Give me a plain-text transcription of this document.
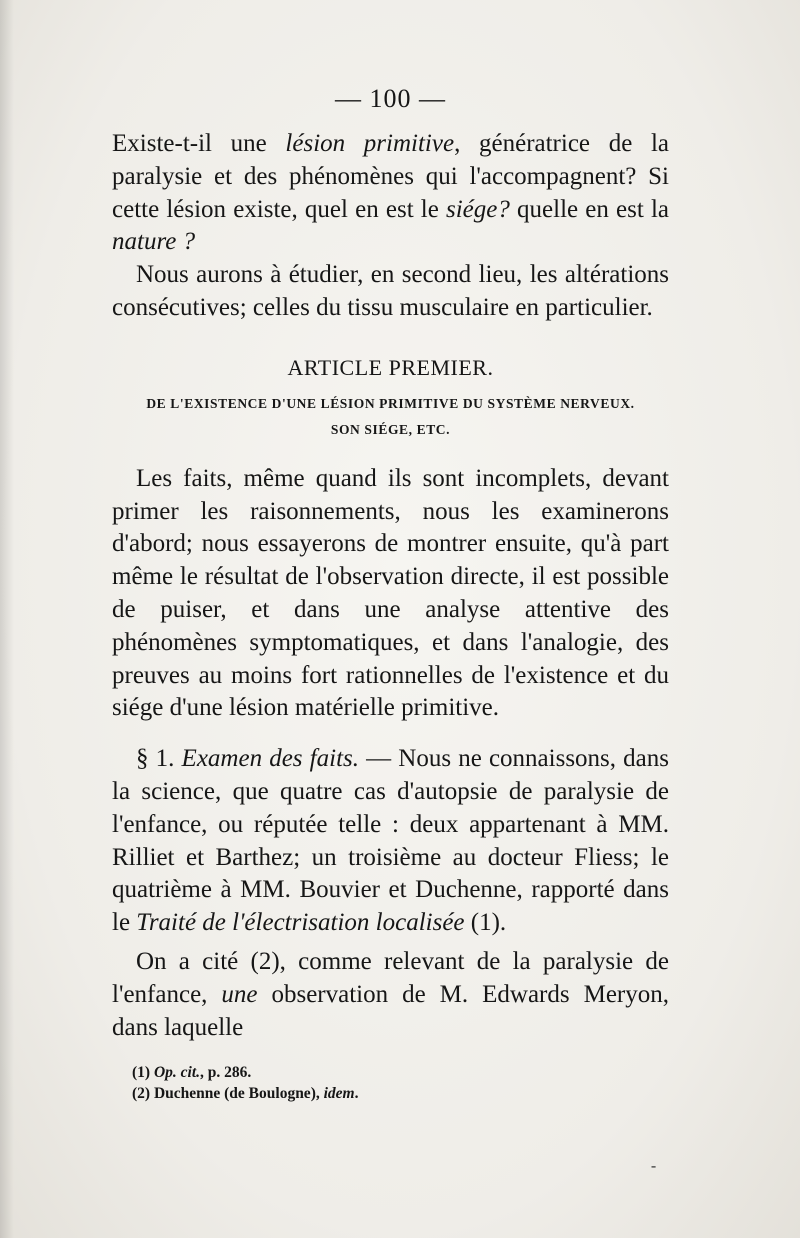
— 100 —

Existe-t-il une lésion primitive, génératrice de la paralysie et des phénomènes qui l'accompagnent? Si cette lésion existe, quel en est le siége? quelle en est la nature ?

Nous aurons à étudier, en second lieu, les altérations consécutives; celles du tissu musculaire en particulier.

ARTICLE PREMIER.
DE L'EXISTENCE D'UNE LÉSION PRIMITIVE DU SYSTÈME NERVEUX.
SON SIÉGE, ETC.

Les faits, même quand ils sont incomplets, devant primer les raisonnements, nous les examinerons d'abord; nous essayerons de montrer ensuite, qu'à part même le résultat de l'observation directe, il est possible de puiser, et dans une analyse attentive des phénomènes symptomatiques, et dans l'analogie, des preuves au moins fort rationnelles de l'existence et du siége d'une lésion matérielle primitive.

§ 1. Examen des faits. — Nous ne connaissons, dans la science, que quatre cas d'autopsie de paralysie de l'enfance, ou réputée telle : deux appartenant à MM. Rilliet et Barthez; un troisième au docteur Fliess; le quatrième à MM. Bouvier et Duchenne, rapporté dans le Traité de l'électrisation localisée (1).

On a cité (2), comme relevant de la paralysie de l'enfance, une observation de M. Edwards Meryon, dans laquelle

(1) Op. cit., p. 286.
(2) Duchenne (de Boulogne), idem.
⁃
